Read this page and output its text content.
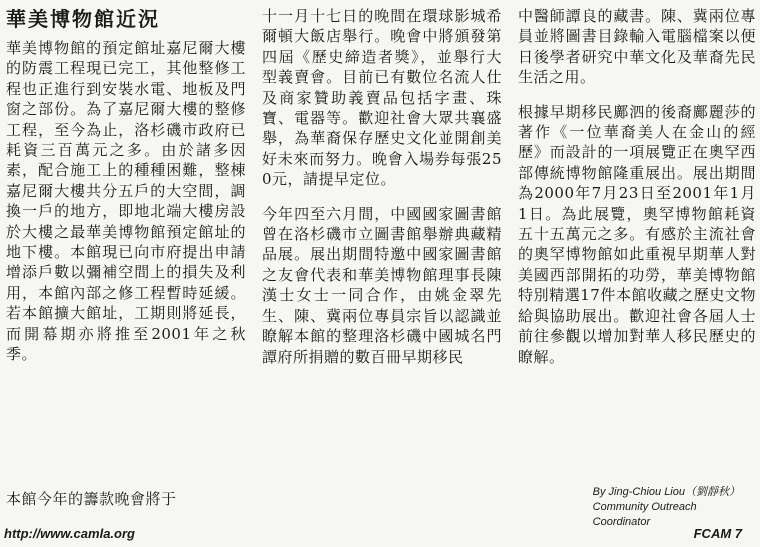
華美博物館近況

華美博物館的預定館址嘉尼爾大樓的防震工程現已完工，其他整修工程也正進行到安裝水電、地板及門窗之部份。為了嘉尼爾大樓的整修工程，至今為止，洛杉磯市政府已耗資三百萬元之多。由於諸多因素，配合施工上的種種困難，整棟嘉尼爾大樓共分五戶的大空間，調換一戶的地方，即地北端大樓房設於大樓之最華美博物館預定館址的地下樓。本館現已向市府提出申請增添戶數以彌補空間上的損失及利用，本館內部之修工程暫時延緩。若本館擴大館址，工期則將延長，而開幕期亦將推至2001年之秋季。

本館今年的籌款晚會將于

十一月十七日的晚間在環球影城希爾頓大飯店舉行。晚會中將頒發第四屆《歷史締造者獎》，並舉行大型義賣會。目前已有數位名流人仕及商家贊助義賣品包括字畫、珠寶、電器等。歡迎社會大眾共襄盛舉，為華裔保存歷史文化並開創美好未來而努力。晚會入場券每張250元，請提早定位。

今年四至六月間，中國國家圖書館曾在洛杉磯市立圖書館舉辦典藏精品展。展出期間特邀中國家圖書館之友會代表和華美博物館理事長陳漢士女士一同合作，由姚金翠先生、陳、冀兩位專員宗旨以認識並瞭解本館的整理洛杉磯中國城名門譚府所捐贈的數百冊早期移民

中醫師譚良的藏書。陳、冀兩位專員並將圖書目錄輸入電腦檔案以便日後學者研究中華文化及華裔先民生活之用。

根據早期移民鄺泗的後裔鄺麗莎的著作《一位華裔美人在金山的經歷》而設計的一項展覽正在奧罕西部傳統博物館隆重展出。展出期間為2000年7月23日至2001年1月1日。為此展覽，奧罕博物館耗資五十五萬元之多。有感於主流社會的奧罕博物館如此重視早期華人對美國西部開拓的功勞，華美博物館特別精選17件本館收藏之歷史文物給與協助展出。歡迎社會各屆人士前往參觀以增加對華人移民歷史的瞭解。

By Jing-Chiou Liou（劉靜秋）
Community Outreach
Coordinator
http://www.camla.org	FCAM 7
